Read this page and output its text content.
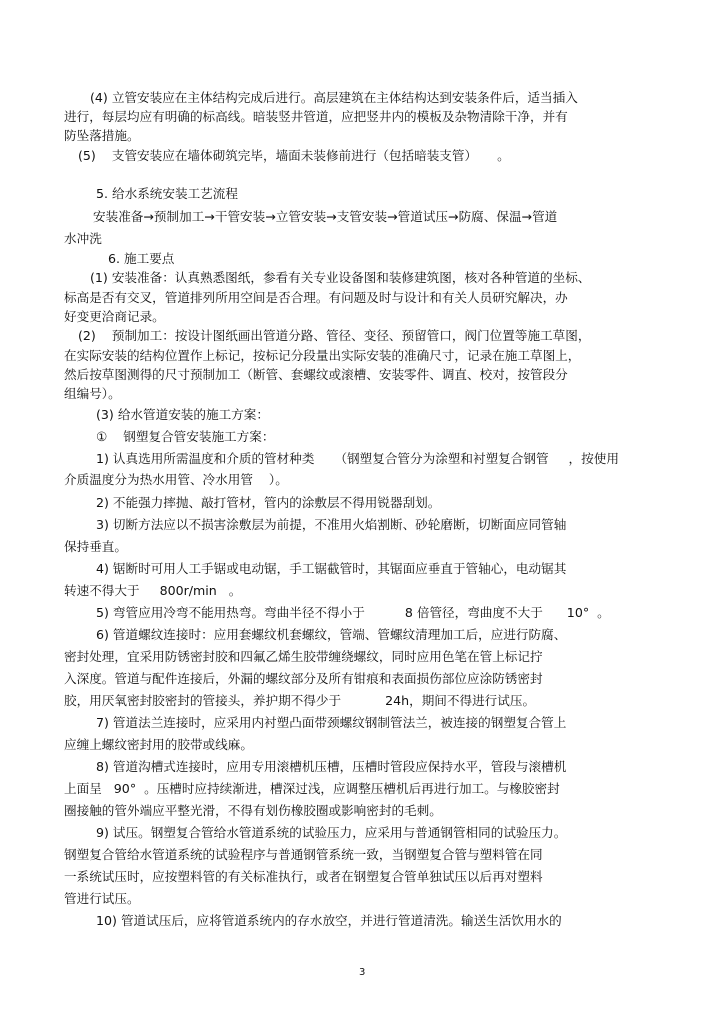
(4) 立管安装应在主体结构完成后进行。高层建筑在主体结构达到安装条件后，适当插入
进行，每层均应有明确的标高线。暗装竖井管道，应把竖井内的模板及杂物清除干净，并有
防坠落措施。
(5)    支管安装应在墙体砌筑完毕，墙面未装修前进行（包括暗装支管）     。
5. 给水系统安装工艺流程
安装准备→预制加工→干管安装→立管安装→支管安装→管道试压→防腐、保温→管道
水冲洗
6. 施工要点
(1) 安装准备：认真熟悉图纸，参看有关专业设备图和装修建筑图，核对各种管道的坐标、
标高是否有交叉，管道排列所用空间是否合理。有问题及时与设计和有关人员研究解决，办
好变更洽商记录。
(2)    预制加工：按设计图纸画出管道分路、管径、变径、预留管口，阀门位置等施工草图，
在实际安装的结构位置作上标记，按标记分段量出实际安装的准确尺寸，记录在施工草图上，
然后按草图测得的尺寸预制加工（断管、套螺纹或滚槽、安装零件、调直、校对，按管段分
组编号）。
(3) 给水管道安装的施工方案：
①    钢塑复合管安装施工方案：
1) 认真选用所需温度和介质的管材种类     （钢塑复合管分为涂塑和衬塑复合钢管     ，按使用
介质温度分为热水用管、冷水用管    ）。
2) 不能强力摔抛、敲打管材，管内的涂敷层不得用锐器刮划。
3) 切断方法应以不损害涂敷层为前提，不准用火焰割断、砂轮磨断，切断面应同管轴
保持垂直。
4) 锯断时可用人工手锯或电动锯，手工锯截管时，其锯面应垂直于管轴心，电动锯其
转速不得大于     800r/min   。
5) 弯管应用冷弯不能用热弯。弯曲半径不得小于          8 倍管径，弯曲度不大于      10°  。
6) 管道螺纹连接时：应用套螺纹机套螺纹，管端、管螺纹清理加工后，应进行防腐、
密封处理，宜采用防锈密封胶和四氟乙烯生胶带缠绕螺纹，同时应用色笔在管上标记拧
入深度。管道与配件连接后，外漏的螺纹部分及所有钳痕和表面损伤部位应涂防锈密封
胶，用厌氧密封胶密封的管接头，养护期不得少于           24h，期间不得进行试压。
7) 管道法兰连接时，应采用内衬塑凸面带颈螺纹钢制管法兰，被连接的钢塑复合管上
应缠上螺纹密封用的胶带或线麻。
8) 管道沟槽式连接时，应用专用滚槽机压槽，压槽时管段应保持水平，管段与滚槽机
上面呈   90°  。压槽时应持续渐进，槽深过浅，应调整压槽机后再进行加工。与橡胶密封
圈接触的管外端应平整光滑，不得有划伤橡胶圈或影响密封的毛刺。
9) 试压。钢塑复合管给水管道系统的试验压力，应采用与普通钢管相同的试验压力。
钢塑复合管给水管道系统的试验程序与普通钢管系统一致，当钢塑复合管与塑料管在同
一系统试压时，应按塑料管的有关标准执行，或者在钢塑复合管单独试压以后再对塑料
管进行试压。
10) 管道试压后，应将管道系统内的存水放空，并进行管道清洗。输送生活饮用水的
3
